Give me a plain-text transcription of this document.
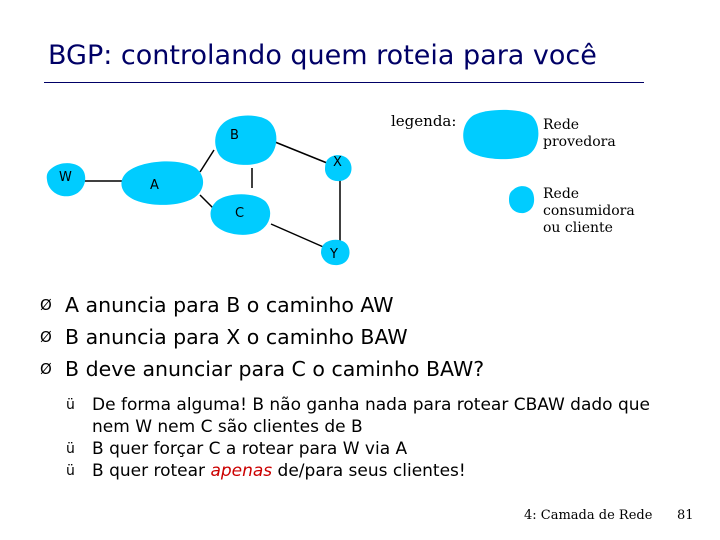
BGP: controlando quem roteia para você
B
W
A
C
X
Y
legenda:	Rede
provedora
Rede
consumidora
ou cliente
Ø A anuncia para B o caminho AW
Ø B anuncia para X o caminho BAW
Ø B deve anunciar para C o caminho BAW?
ü De forma alguma! B não ganha nada para rotear CBAW dado que nem W nem C são clientes de B
ü B quer forçar C a rotear para W via A
ü B quer rotear apenas de/para seus clientes!
4: Camada de Rede 81
